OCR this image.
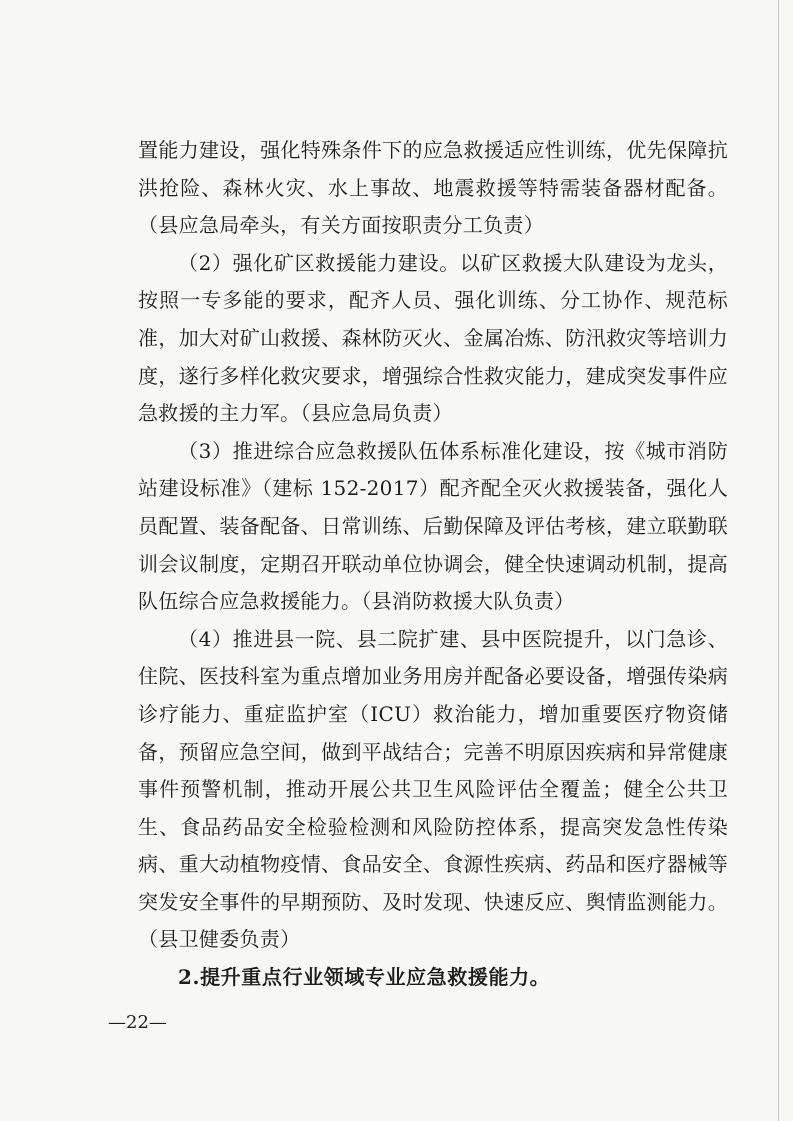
置能力建设，强化特殊条件下的应急救援适应性训练，优先保障抗洪抢险、森林火灾、水上事故、地震救援等特需装备器材配备。（县应急局牵头，有关方面按职责分工负责）

（2）强化矿区救援能力建设。以矿区救援大队建设为龙头，按照一专多能的要求，配齐人员、强化训练、分工协作、规范标准，加大对矿山救援、森林防灭火、金属冶炼、防汛救灾等培训力度，遂行多样化救灾要求，增强综合性救灾能力，建成突发事件应急救援的主力军。（县应急局负责）

（3）推进综合应急救援队伍体系标准化建设，按《城市消防站建设标准》（建标 152-2017）配齐配全灭火救援装备，强化人员配置、装备配备、日常训练、后勤保障及评估考核，建立联勤联训会议制度，定期召开联动单位协调会，健全快速调动机制，提高队伍综合应急救援能力。（县消防救援大队负责）

（4）推进县一院、县二院扩建、县中医院提升，以门急诊、住院、医技科室为重点增加业务用房并配备必要设备，增强传染病诊疗能力、重症监护室（ICU）救治能力，增加重要医疗物资储备，预留应急空间，做到平战结合；完善不明原因疾病和异常健康事件预警机制，推动开展公共卫生风险评估全覆盖；健全公共卫生、食品药品安全检验检测和风险防控体系，提高突发急性传染病、重大动植物疫情、食品安全、食源性疾病、药品和医疗器械等突发安全事件的早期预防、及时发现、快速反应、舆情监测能力。（县卫健委负责）

2.提升重点行业领域专业应急救援能力。

—22—
